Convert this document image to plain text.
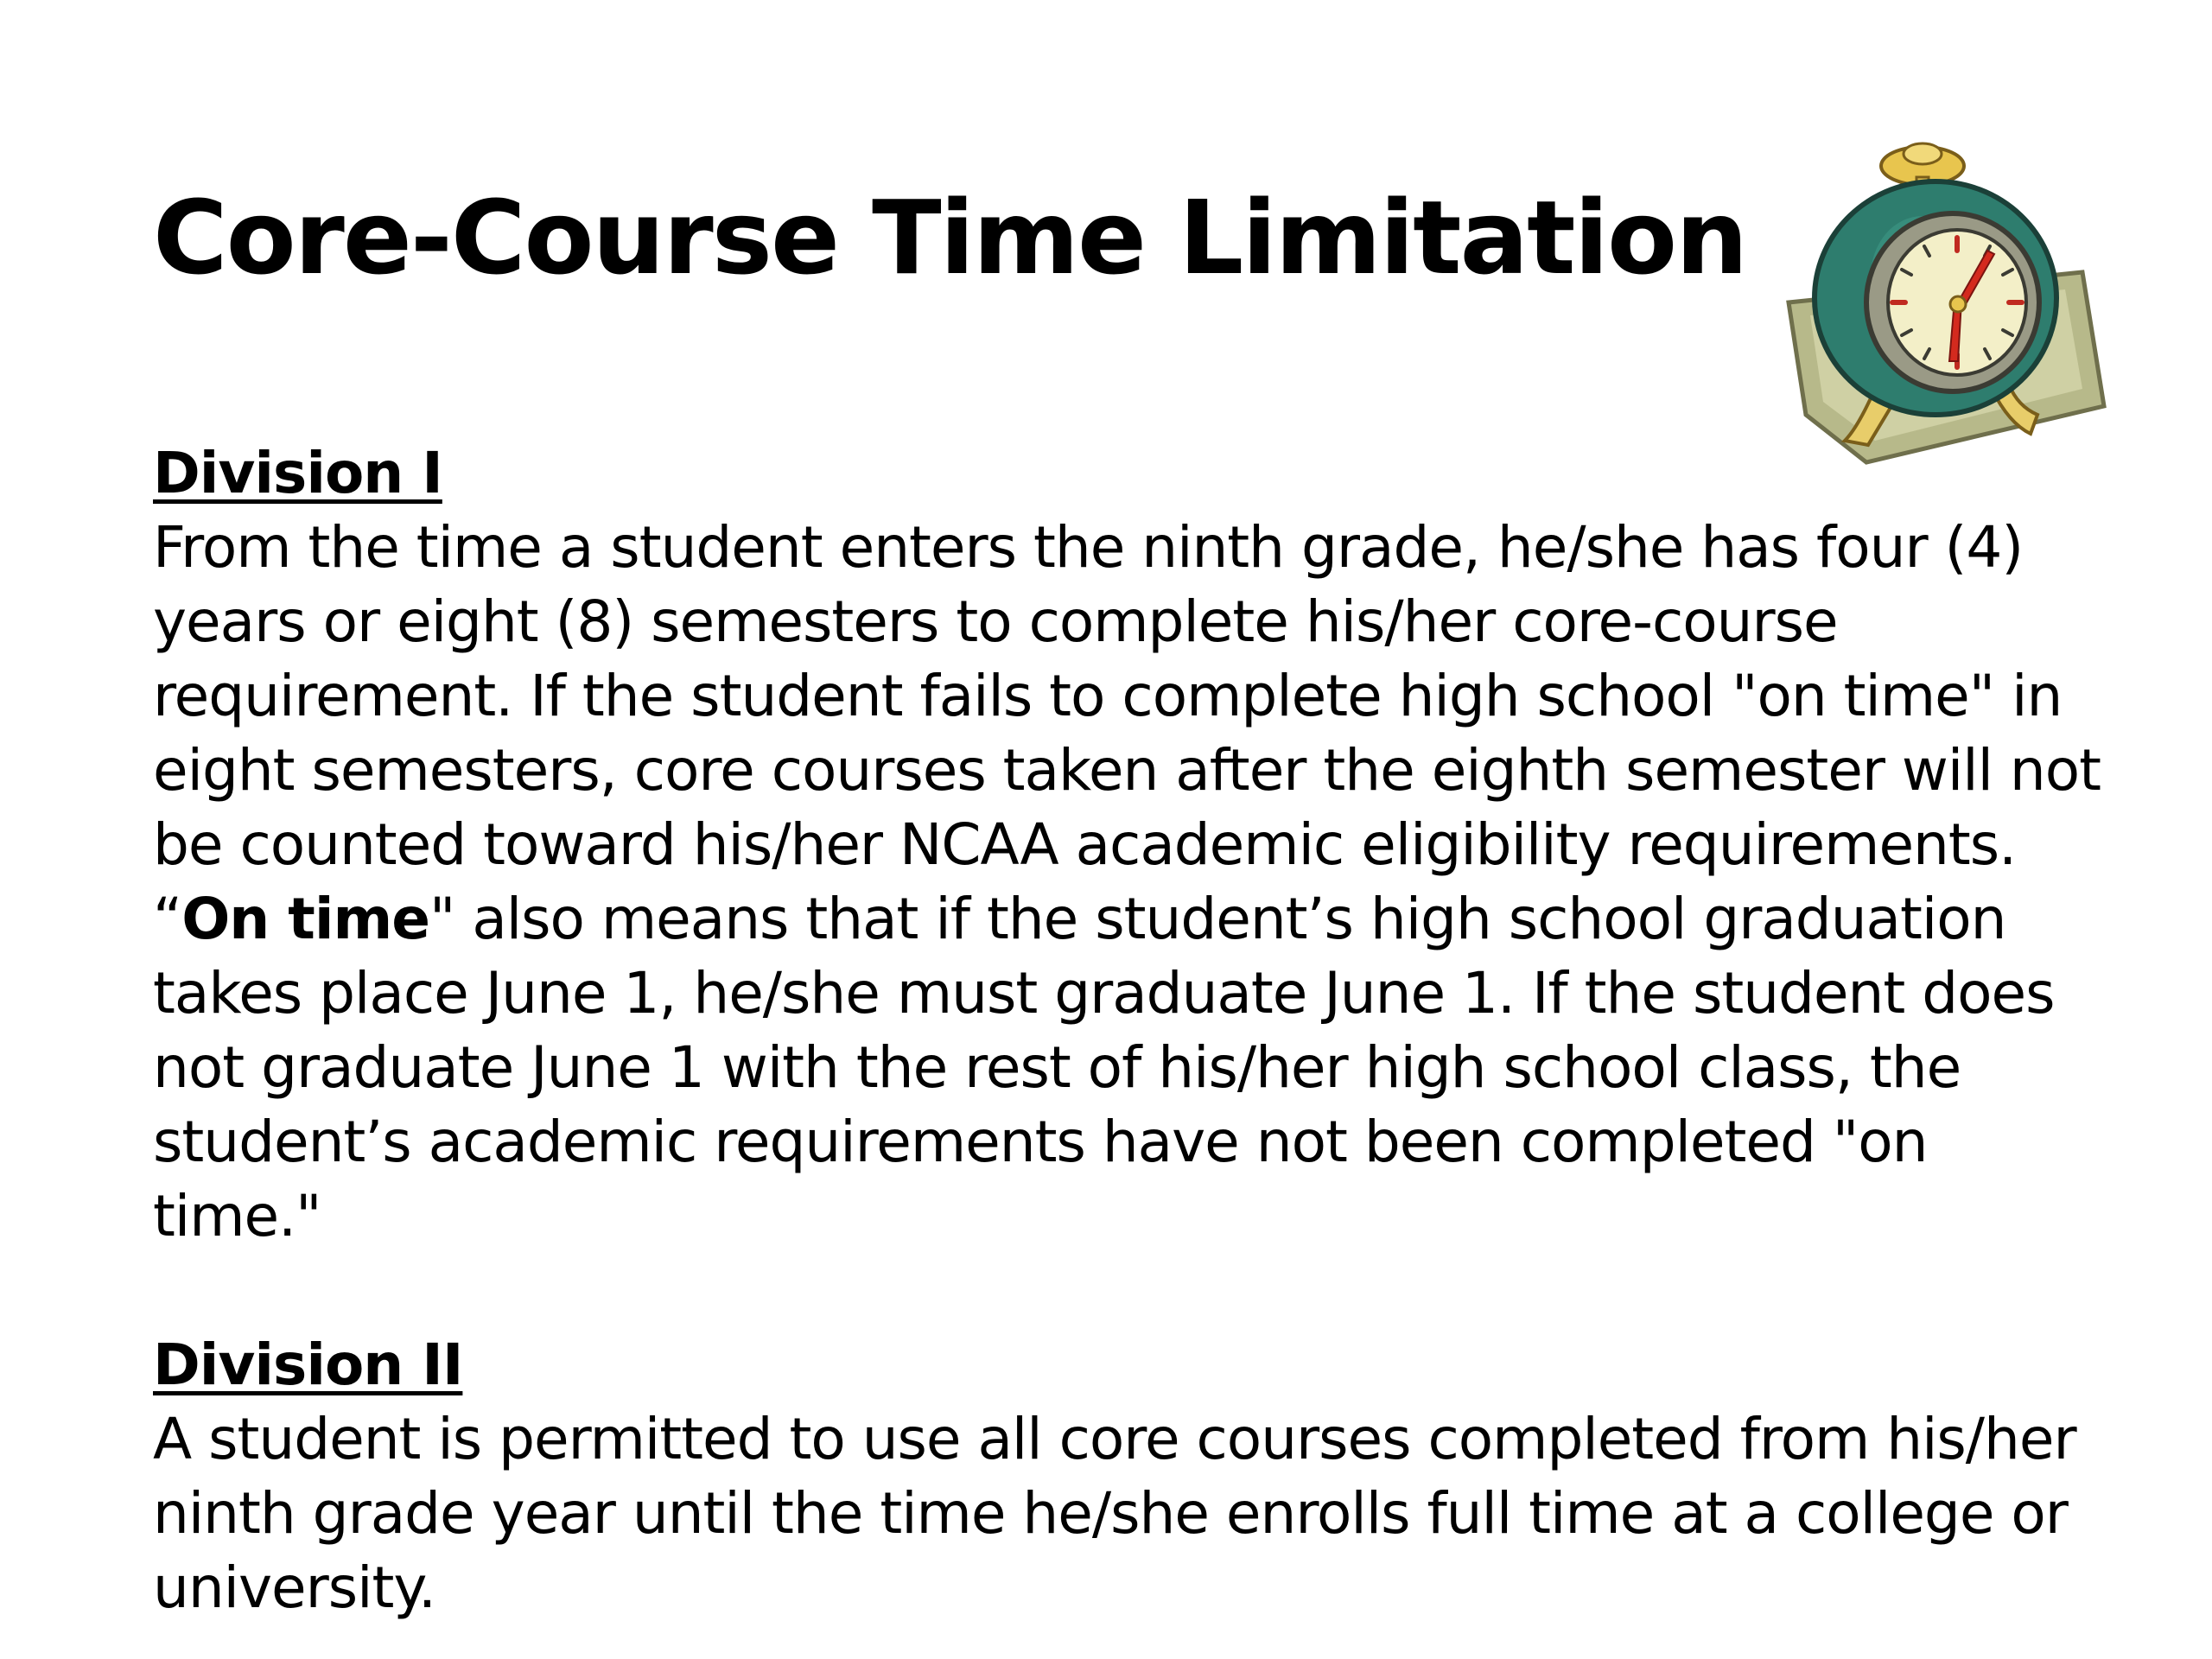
Core-Course Time Limitation

Division I

From the time a student enters the ninth grade, he/she has four (4) years or eight (8) semesters to complete his/her core-course requirement. If the student fails to complete high school "on time" in eight semesters, core courses taken after the eighth semester will not be counted toward his/her NCAA academic eligibility requirements.
“On time" also means that if the student’s high school graduation takes place June 1, he/she must graduate June 1. If the student does not graduate June 1 with the rest of his/her high school class, the student’s academic requirements have not been completed "on time."

Division II

A student is permitted to use all core courses completed from his/her ninth grade year until the time he/she enrolls full time at a college or university.
